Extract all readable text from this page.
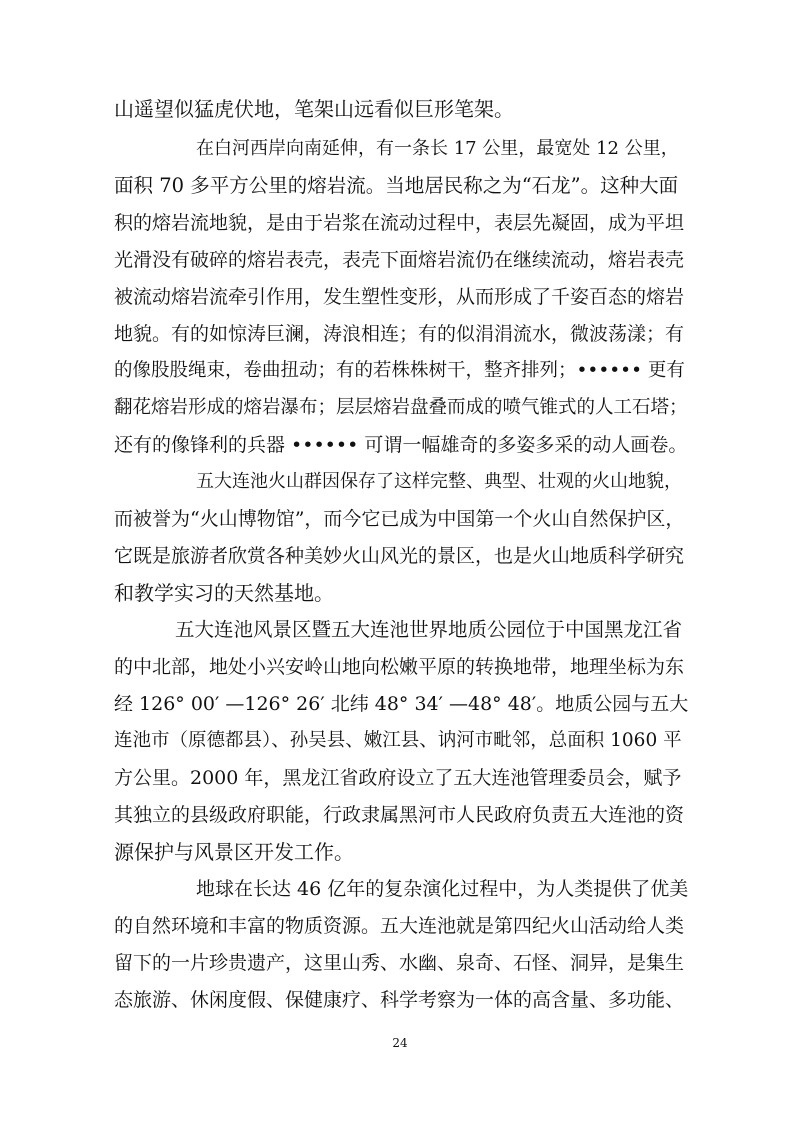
山遥望似猛虎伏地，笔架山远看似巨形笔架。
在白河西岸向南延伸，有一条长 17 公里，最宽处 12 公里，
面积 70 多平方公里的熔岩流。当地居民称之为“石龙”。这种大面
积的熔岩流地貌，是由于岩浆在流动过程中，表层先凝固，成为平坦
光滑没有破碎的熔岩表壳，表壳下面熔岩流仍在继续流动，熔岩表壳
被流动熔岩流牵引作用，发生塑性变形，从而形成了千姿百态的熔岩
地貌。有的如惊涛巨澜，涛浪相连；有的似涓涓流水，微波荡漾；有
的像股股绳束，卷曲扭动；有的若株株树干，整齐排列；•••••• 更有
翻花熔岩形成的熔岩瀑布；层层熔岩盘叠而成的喷气锥式的人工石塔；
还有的像锋利的兵器 •••••• 可谓一幅雄奇的多姿多采的动人画卷。
五大连池火山群因保存了这样完整、典型、壮观的火山地貌，
而被誉为“火山博物馆”，而今它已成为中国第一个火山自然保护区，
它既是旅游者欣赏各种美妙火山风光的景区，也是火山地质科学研究
和教学实习的天然基地。
五大连池风景区暨五大连池世界地质公园位于中国黑龙江省
的中北部，地处小兴安岭山地向松嫩平原的转换地带，地理坐标为东
经 126° 00′ —126° 26′ 北纬 48° 34′ —48° 48′。地质公园与五大
连池市（原德都县）、孙吴县、嫩江县、讷河市毗邻，总面积 1060 平
方公里。2000 年，黑龙江省政府设立了五大连池管理委员会，赋予
其独立的县级政府职能，行政隶属黑河市人民政府负责五大连池的资
源保护与风景区开发工作。
地球在长达 46 亿年的复杂演化过程中，为人类提供了优美
的自然环境和丰富的物质资源。五大连池就是第四纪火山活动给人类
留下的一片珍贵遗产，这里山秀、水幽、泉奇、石怪、洞异，是集生
态旅游、休闲度假、保健康疗、科学考察为一体的高含量、多功能、
24
